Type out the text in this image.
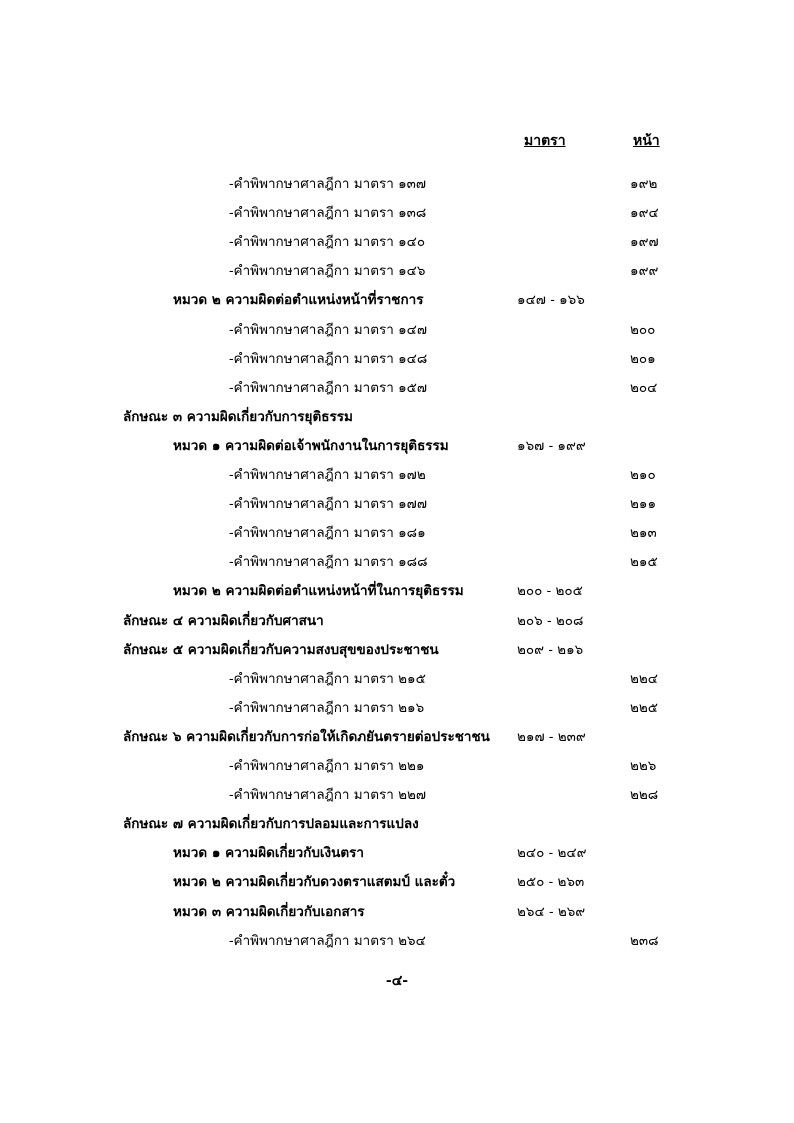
มาตรา	หน้า
-คำพิพากษาศาลฎีกา มาตรา ๑๓๗	๑๙๒
-คำพิพากษาศาลฎีกา มาตรา ๑๓๘	๑๙๔
-คำพิพากษาศาลฎีกา มาตรา ๑๔๐	๑๙๗
-คำพิพากษาศาลฎีกา มาตรา ๑๔๖	๑๙๙
หมวด ๒ ความผิดต่อตำแหน่งหน้าที่ราชการ	๑๔๗ - ๑๖๖
-คำพิพากษาศาลฎีกา มาตรา ๑๔๗	๒๐๐
-คำพิพากษาศาลฎีกา มาตรา ๑๔๘	๒๐๑
-คำพิพากษาศาลฎีกา มาตรา ๑๕๗	๒๐๔
ลักษณะ ๓ ความผิดเกี่ยวกับการยุติธรรม
หมวด ๑ ความผิดต่อเจ้าพนักงานในการยุติธรรม	๑๖๗ - ๑๙๙
-คำพิพากษาศาลฎีกา มาตรา ๑๗๒	๒๑๐
-คำพิพากษาศาลฎีกา มาตรา ๑๗๗	๒๑๑
-คำพิพากษาศาลฎีกา มาตรา ๑๘๑	๒๑๓
-คำพิพากษาศาลฎีกา มาตรา ๑๘๘	๒๑๕
หมวด ๒ ความผิดต่อตำแหน่งหน้าที่ในการยุติธรรม	๒๐๐ - ๒๐๕
ลักษณะ ๔ ความผิดเกี่ยวกับศาสนา	๒๐๖ - ๒๐๘
ลักษณะ ๕ ความผิดเกี่ยวกับความสงบสุขของประชาชน	๒๐๙ - ๒๑๖
-คำพิพากษาศาลฎีกา มาตรา ๒๑๕	๒๒๔
-คำพิพากษาศาลฎีกา มาตรา ๒๑๖	๒๒๕
ลักษณะ ๖ ความผิดเกี่ยวกับการก่อให้เกิดภยันตรายต่อประชาชน ๒๑๗ - ๒๓๙
-คำพิพากษาศาลฎีกา มาตรา ๒๒๑	๒๒๖
-คำพิพากษาศาลฎีกา มาตรา ๒๒๗	๒๒๘
ลักษณะ ๗ ความผิดเกี่ยวกับการปลอมและการแปลง
หมวด ๑ ความผิดเกี่ยวกับเงินตรา	๒๔๐ - ๒๔๙
หมวด ๒ ความผิดเกี่ยวกับดวงตราแสตมป์ และตั๋ว	๒๕๐ - ๒๖๓
หมวด ๓ ความผิดเกี่ยวกับเอกสาร	๒๖๔ - ๒๖๙
-คำพิพากษาศาลฎีกา มาตรา ๒๖๔	๒๓๘
-๔-
